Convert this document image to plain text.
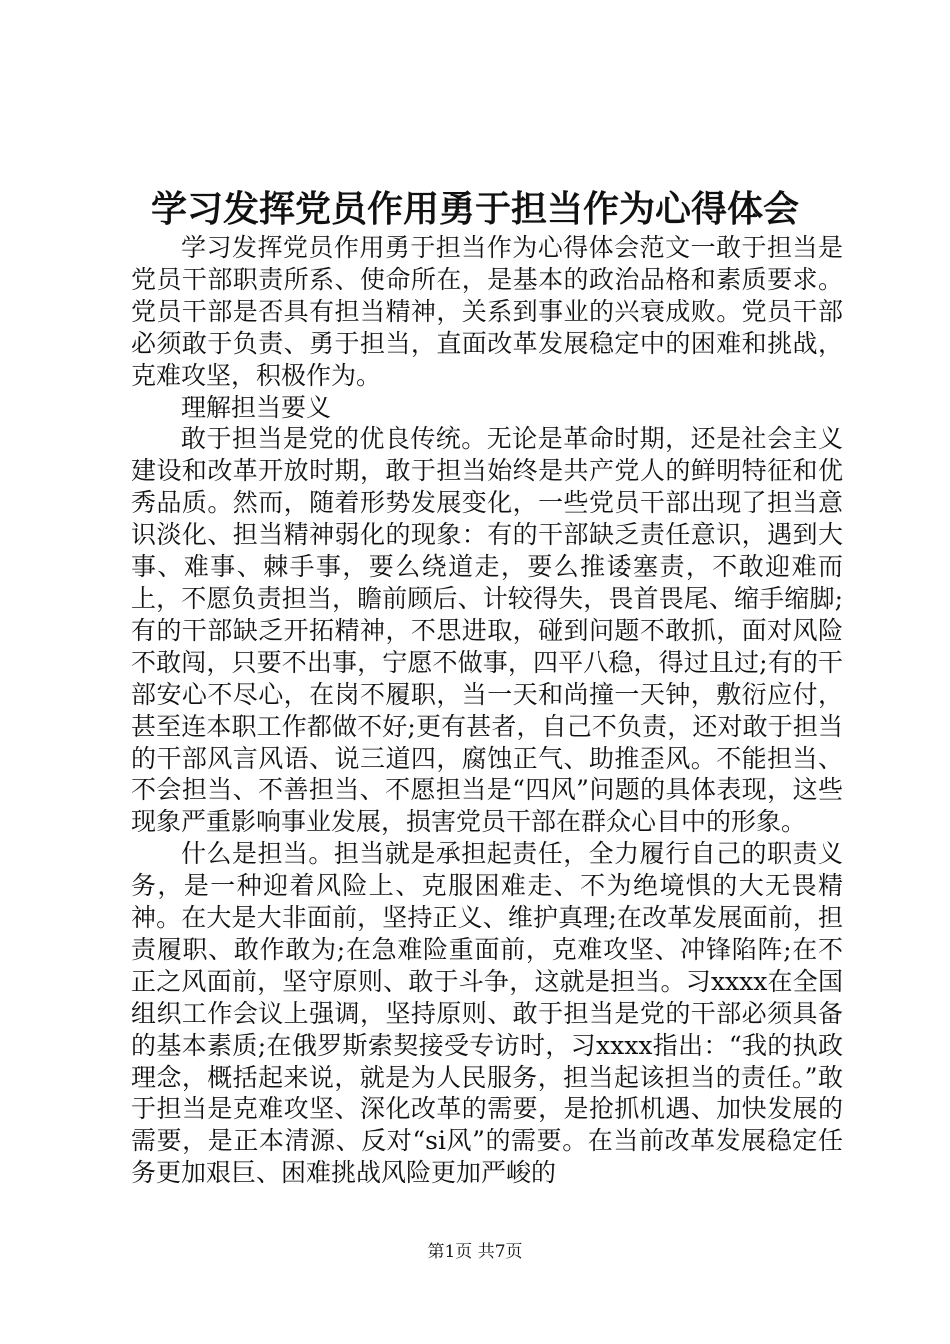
学习发挥党员作用勇于担当作为心得体会

学习发挥党员作用勇于担当作为心得体会范文一敢于担当是党员干部职责所系、使命所在，是基本的政治品格和素质要求。党员干部是否具有担当精神，关系到事业的兴衰成败。党员干部必须敢于负责、勇于担当，直面改革发展稳定中的困难和挑战，克难攻坚，积极作为。

理解担当要义

敢于担当是党的优良传统。无论是革命时期，还是社会主义建设和改革开放时期，敢于担当始终是共产党人的鲜明特征和优秀品质。然而，随着形势发展变化，一些党员干部出现了担当意识淡化、担当精神弱化的现象：有的干部缺乏责任意识，遇到大事、难事、棘手事，要么绕道走，要么推诿塞责，不敢迎难而上，不愿负责担当，瞻前顾后、计较得失，畏首畏尾、缩手缩脚;有的干部缺乏开拓精神，不思进取，碰到问题不敢抓，面对风险不敢闯，只要不出事，宁愿不做事，四平八稳，得过且过;有的干部安心不尽心，在岗不履职，当一天和尚撞一天钟，敷衍应付，甚至连本职工作都做不好;更有甚者，自己不负责，还对敢于担当的干部风言风语、说三道四，腐蚀正气、助推歪风。不能担当、不会担当、不善担当、不愿担当是“四风”问题的具体表现，这些现象严重影响事业发展，损害党员干部在群众心目中的形象。

什么是担当。担当就是承担起责任，全力履行自己的职责义务，是一种迎着风险上、克服困难走、不为绝境惧的大无畏精神。在大是大非面前，坚持正义、维护真理;在改革发展面前，担责履职、敢作敢为;在急难险重面前，克难攻坚、冲锋陷阵;在不正之风面前，坚守原则、敢于斗争，这就是担当。习xxxx在全国组织工作会议上强调，坚持原则、敢于担当是党的干部必须具备的基本素质;在俄罗斯索契接受专访时，习xxxx指出：“我的执政理念，概括起来说，就是为人民服务，担当起该担当的责任。”敢于担当是克难攻坚、深化改革的需要，是抢抓机遇、加快发展的需要，是正本清源、反对“si风”的需要。在当前改革发展稳定任务更加艰巨、困难挑战风险更加严峻的

第1页 共7页
